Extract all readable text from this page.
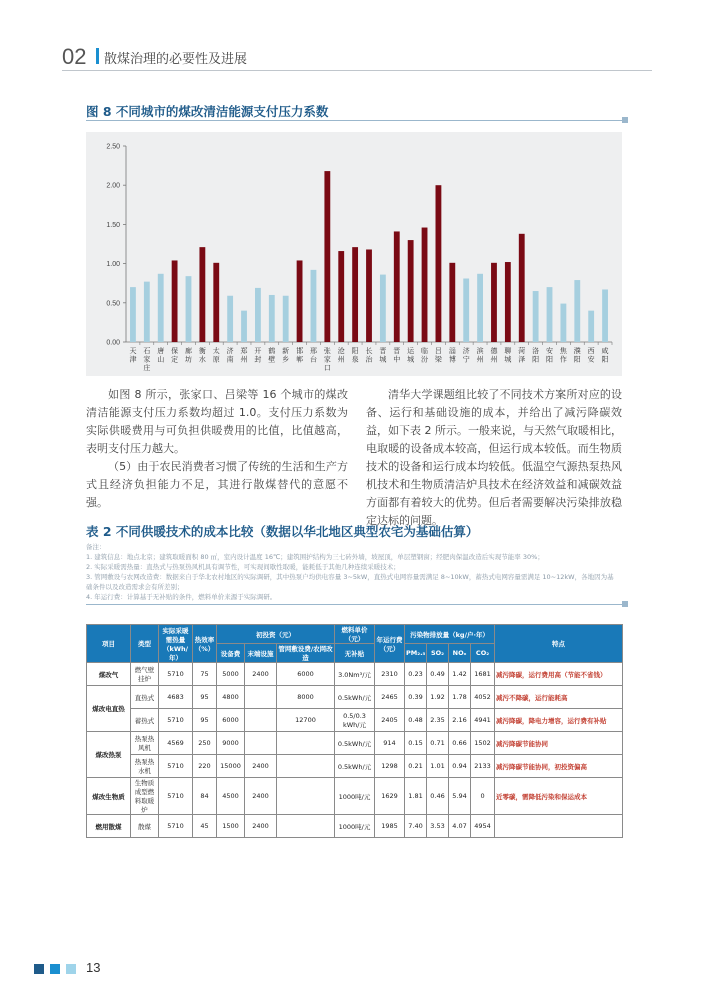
02 散煤治理的必要性及进展
图 8 不同城市的煤改清洁能源支付压力系数
0.00
0.50
1.00
1.50
2.00
2.50
天津
石家庄
唐山
保定
廊坊
衡水
太原
济南
郑州
开封
鹤壁
新乡
邯郸
邢台
张家口
沧州
阳泉
长治
晋城
晋中
运城
临汾
吕梁
淄博
济宁
滨州
德州
聊城
菏泽
洛阳
安阳
焦作
濮阳
西安
咸阳
如图 8 所示，张家口、吕梁等 16 个城市的煤改清洁能源支付压力系数均超过 1.0。支付压力系数为实际供暖费用与可负担供暖费用的比值，比值越高，表明支付压力越大。
（5）由于农民消费者习惯了传统的生活和生产方式且经济负担能力不足，其进行散煤替代的意愿不强。
清华大学课题组比较了不同技术方案所对应的设备、运行和基础设施的成本，并给出了减污降碳效益，如下表 2 所示。一般来说，与天然气取暖相比，电取暖的设备成本较高，但运行成本较低。而生物质技术的设备和运行成本均较低。低温空气源热泵热风机技术和生物质清洁炉具技术在经济效益和减碳效益方面都有着较大的优势。但后者需要解决污染排放稳定达标的问题。
表 2 不同供暖技术的成本比较（数据以华北地区典型农宅为基础估算）
备注：
1. 建筑信息：地点北京；建筑取暖面积 80 ㎡，室内设计温度 16℃；建筑围护结构为三七砖外墙，坡屋顶，单层塑钢窗；经肥肉保温改造后实现节能率 30%；
2. 实际采暖需热量：直热式与热泵热风机具有调节性，可实现间歇性取暖，能耗低于其他几种连续采暖技术；
3. 管网敷设与农网改造费：数据来自于华北农村地区的实际调研，其中热泵户均供电容量 3~5kW，直热式电网容量需满足 8~10kW，蓄热式电网容量需满足 10~12kW，各地因为基础条件以及改造需求会有所差别；
4. 年运行费：计算基于无补贴的条件，燃料单价来源于实际调研。
项目	类型	实际采暖需热量（kWh/年）	热效率（%）	初投资（元）			燃料单价（元）	年运行费（元）	污染物排放量（kg/户·年）				特点
				设备费	末端设施	管网敷设费/农网改造	无补贴		PM₂.₅	SO₂	NOₓ	CO₂	
煤改气	燃气壁挂炉	5710	75	5000	2400	6000	3.0Nm³/元	2310	0.23	0.49	1.42	1681	减污降碳，运行费用高（节能不省钱）
煤改电直热	直热式	4683	95	4800		8000	0.5kWh/元	2465	0.39	1.92	1.78	4052	减污不降碳，运行能耗高
	蓄热式	5710	95	6000		12700	0.5/0.3 kWh/元	2405	0.48	2.35	2.16	4941	减污降碳，降电力增容，运行费有补贴
煤改热泵	热泵热风机	4569	250	9000			0.5kWh/元	914	0.15	0.71	0.66	1502	减污降碳节能协同
	热泵热水机	5710	220	15000	2400		0.5kWh/元	1298	0.21	1.01	0.94	2133	减污降碳节能协同，初投资偏高
煤改生物质	生物质成型燃料取暖炉	5710	84	4500	2400		1000吨/元	1629	1.81	0.46	5.94	0	近零碳，需降低污染和保运成本
燃用散煤	散煤	5710	45	1500	2400		1000吨/元	1985	7.40	3.53	4.07	4954	
13
